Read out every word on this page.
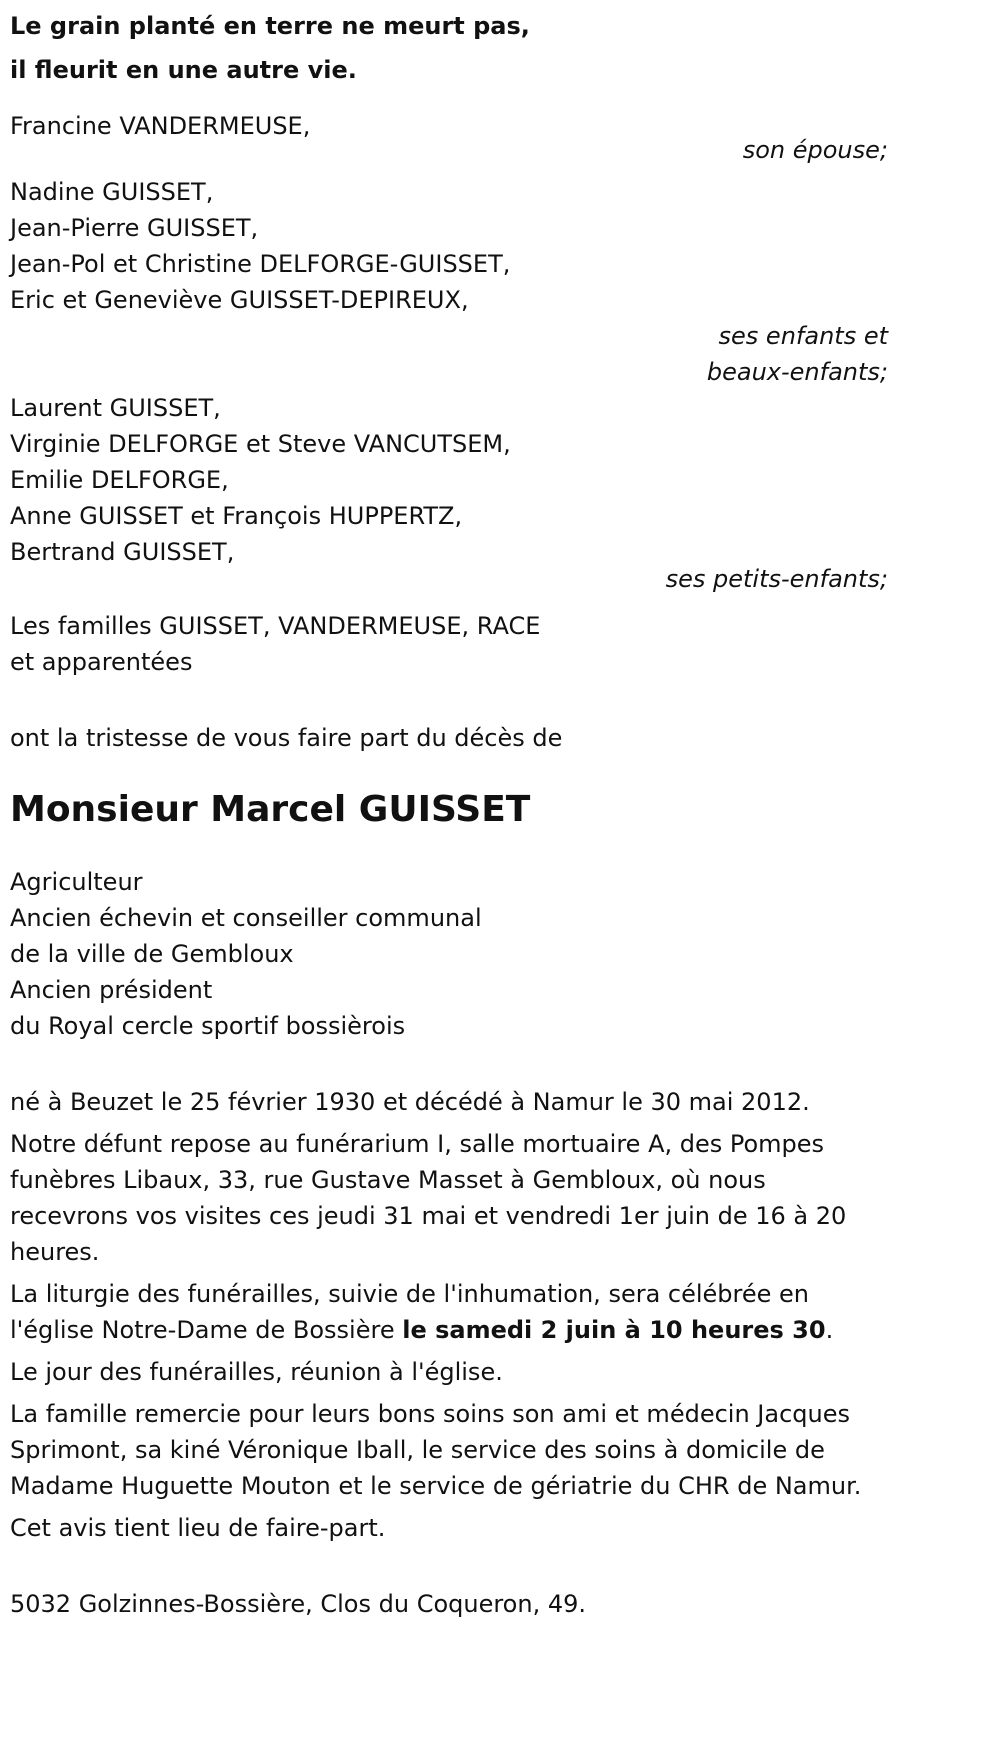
Le grain planté en terre ne meurt pas,
il fleurit en une autre vie.
Francine VANDERMEUSE,
son épouse;
Nadine GUISSET,
Jean-Pierre GUISSET,
Jean-Pol et Christine DELFORGE-GUISSET,
Eric et Geneviève GUISSET-DEPIREUX,
ses enfants et
beaux-enfants;
Laurent GUISSET,
Virginie DELFORGE et Steve VANCUTSEM,
Emilie DELFORGE,
Anne GUISSET et François HUPPERTZ,
Bertrand GUISSET,
ses petits-enfants;
Les familles GUISSET, VANDERMEUSE, RACE
et apparentées
ont la tristesse de vous faire part du décès de
Monsieur Marcel GUISSET
Agriculteur
Ancien échevin et conseiller communal
de la ville de Gembloux
Ancien président
du Royal cercle sportif bossièrois

né à Beuzet le 25 février 1930 et décédé à Namur le 30 mai 2012.

Notre défunt repose au funérarium I, salle mortuaire A, des Pompes funèbres Libaux, 33, rue Gustave Masset à Gembloux, où nous recevrons vos visites ces jeudi 31 mai et vendredi 1er juin de 16 à 20 heures.

La liturgie des funérailles, suivie de l'inhumation, sera célébrée en l'église Notre-Dame de Bossière le samedi 2 juin à 10 heures 30.

Le jour des funérailles, réunion à l'église.

La famille remercie pour leurs bons soins son ami et médecin Jacques Sprimont, sa kiné Véronique Iball, le service des soins à domicile de Madame Huguette Mouton et le service de gériatrie du CHR de Namur.

Cet avis tient lieu de faire-part.

5032 Golzinnes-Bossière, Clos du Coqueron, 49.
